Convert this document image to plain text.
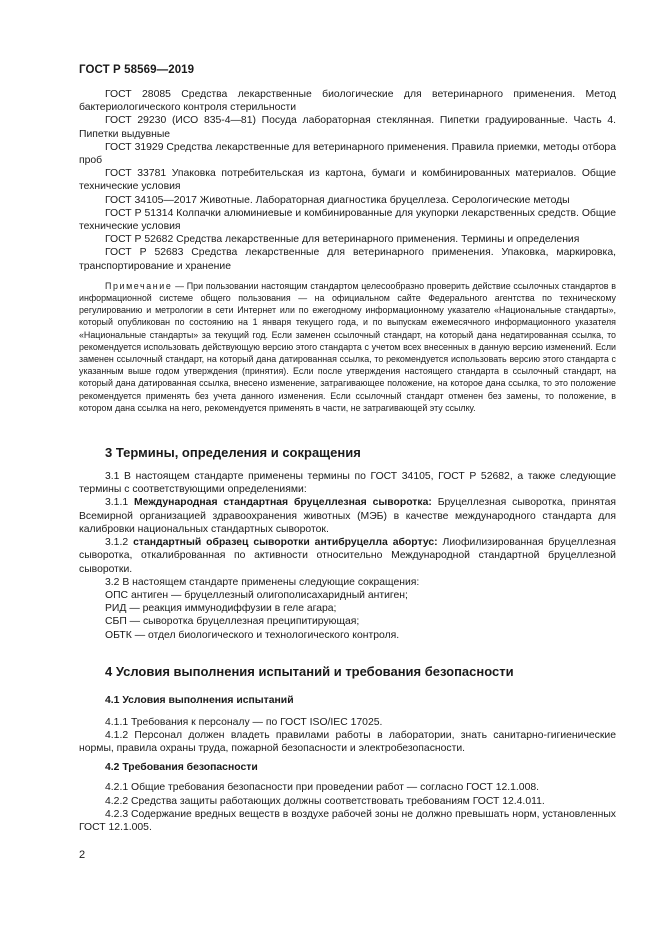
ГОСТ Р 58569—2019

ГОСТ 28085 Средства лекарственные биологические для ветеринарного применения. Метод бактериологического контроля стерильности

ГОСТ 29230 (ИСО 835-4—81) Посуда лабораторная стеклянная. Пипетки градуированные. Часть 4. Пипетки выдувные

ГОСТ 31929 Средства лекарственные для ветеринарного применения. Правила приемки, методы отбора проб

ГОСТ 33781 Упаковка потребительская из картона, бумаги и комбинированных материалов. Общие технические условия

ГОСТ 34105—2017 Животные. Лабораторная диагностика бруцеллеза. Серологические методы

ГОСТ Р 51314 Колпачки алюминиевые и комбинированные для укупорки лекарственных средств. Общие технические условия

ГОСТ Р 52682 Средства лекарственные для ветеринарного применения. Термины и определения

ГОСТ Р 52683 Средства лекарственные для ветеринарного применения. Упаковка, маркировка, транспортирование и хранение

Примечание — При пользовании настоящим стандартом целесообразно проверить действие ссылочных стандартов в информационной системе общего пользования — на официальном сайте Федерального агентства по техническому регулированию и метрологии в сети Интернет или по ежегодному информационному указателю «Национальные стандарты», который опубликован по состоянию на 1 января текущего года, и по выпускам ежемесячного информационного указателя «Национальные стандарты» за текущий год. Если заменен ссылочный стандарт, на который дана недатированная ссылка, то рекомендуется использовать действующую версию этого стандарта с учетом всех внесенных в данную версию изменений. Если заменен ссылочный стандарт, на который дана датированная ссылка, то рекомендуется использовать версию этого стандарта с указанным выше годом утверждения (принятия). Если после утверждения настоящего стандарта в ссылочный стандарт, на который дана датированная ссылка, внесено изменение, затрагивающее положение, на которое дана ссылка, то это положение рекомендуется применять без учета данного изменения. Если ссылочный стандарт отменен без замены, то положение, в котором дана ссылка на него, рекомендуется применять в части, не затрагивающей эту ссылку.

3 Термины, определения и сокращения

3.1 В настоящем стандарте применены термины по ГОСТ 34105, ГОСТ Р 52682, а также следующие термины с соответствующими определениями:

3.1.1 Международная стандартная бруцеллезная сыворотка: Бруцеллезная сыворотка, принятая Всемирной организацией здравоохранения животных (МЭБ) в качестве международного стандарта для калибровки национальных стандартных сывороток.

3.1.2 стандартный образец сыворотки антибруцелла абортус: Лиофилизированная бруцеллезная сыворотка, откалиброванная по активности относительно Международной стандартной бруцеллезной сыворотки.

3.2 В настоящем стандарте применены следующие сокращения:

ОПС антиген — бруцеллезный олигополисахаридный антиген;

РИД — реакция иммунодиффузии в геле агара;

СБП — сыворотка бруцеллезная преципитирующая;

ОБТК — отдел биологического и технологического контроля.

4 Условия выполнения испытаний и требования безопасности
4.1 Условия выполнения испытаний

4.1.1 Требования к персоналу — по ГОСТ ISO/IEC 17025.

4.1.2 Персонал должен владеть правилами работы в лаборатории, знать санитарно-гигиенические нормы, правила охраны труда, пожарной безопасности и электробезопасности.

4.2 Требования безопасности

4.2.1 Общие требования безопасности при проведении работ — согласно ГОСТ 12.1.008.

4.2.2 Средства защиты работающих должны соответствовать требованиям ГОСТ 12.4.011.

4.2.3 Содержание вредных веществ в воздухе рабочей зоны не должно превышать норм, установленных ГОСТ 12.1.005.

2
